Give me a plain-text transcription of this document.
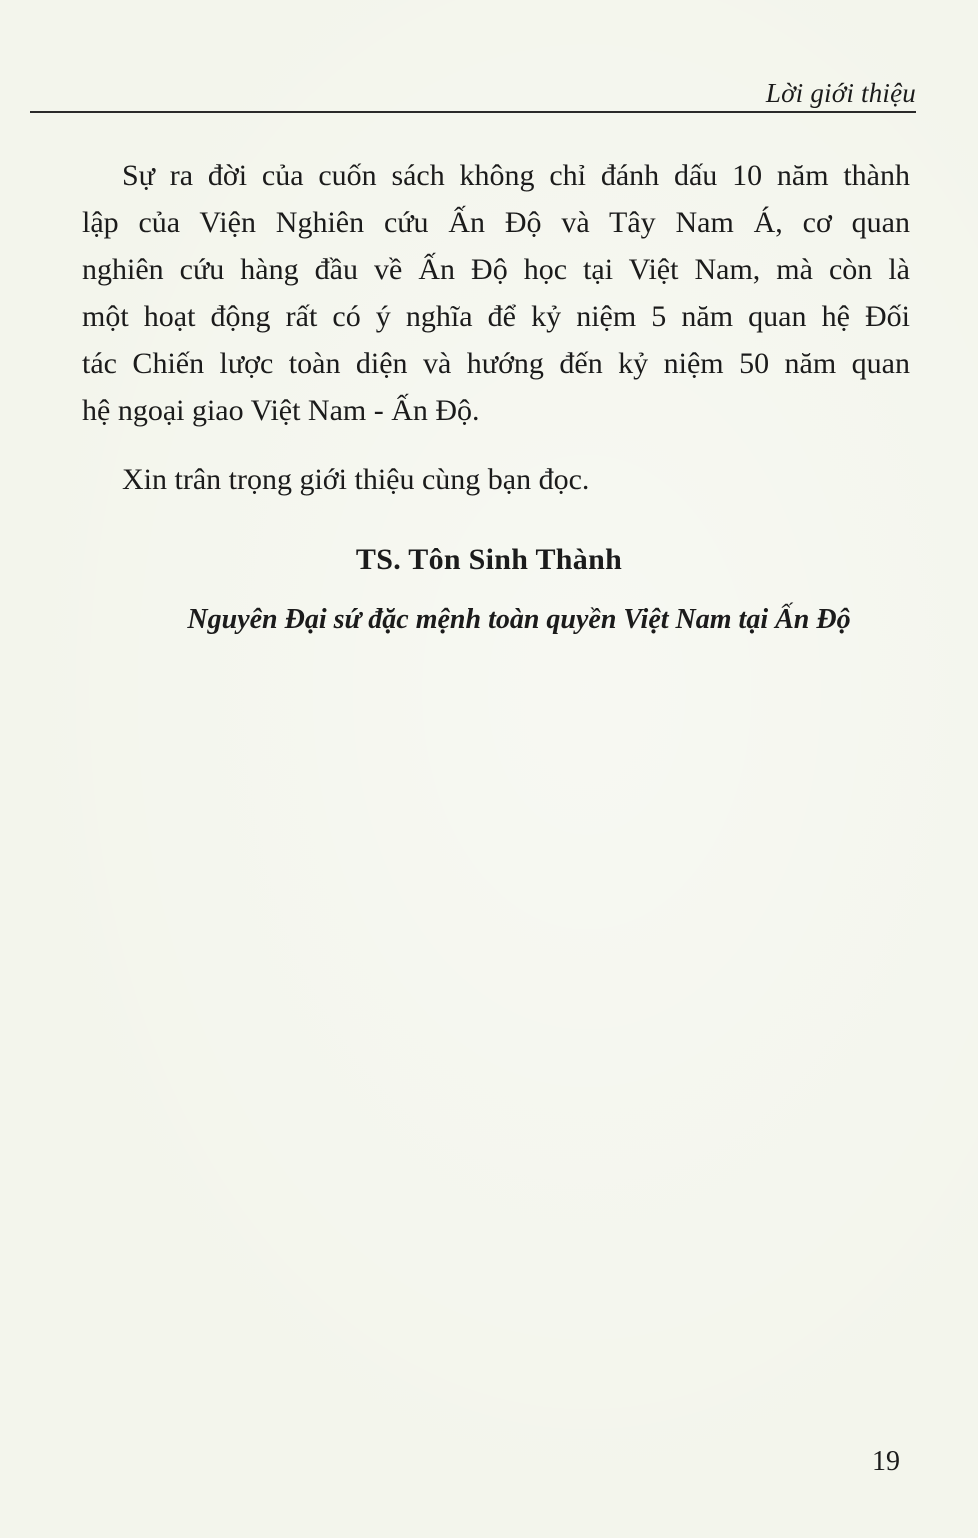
Lời giới thiệu
Sự ra đời của cuốn sách không chỉ đánh dấu 10 năm thành
lập của Viện Nghiên cứu Ấn Độ và Tây Nam Á, cơ quan
nghiên cứu hàng đầu về Ấn Độ học tại Việt Nam, mà còn là
một hoạt động rất có ý nghĩa để kỷ niệm 5 năm quan hệ Đối
tác Chiến lược toàn diện và hướng đến kỷ niệm 50 năm quan
hệ ngoại giao Việt Nam - Ấn Độ.
Xin trân trọng giới thiệu cùng bạn đọc.
TS. Tôn Sinh Thành
Nguyên Đại sứ đặc mệnh toàn quyền Việt Nam tại Ấn Độ
19
